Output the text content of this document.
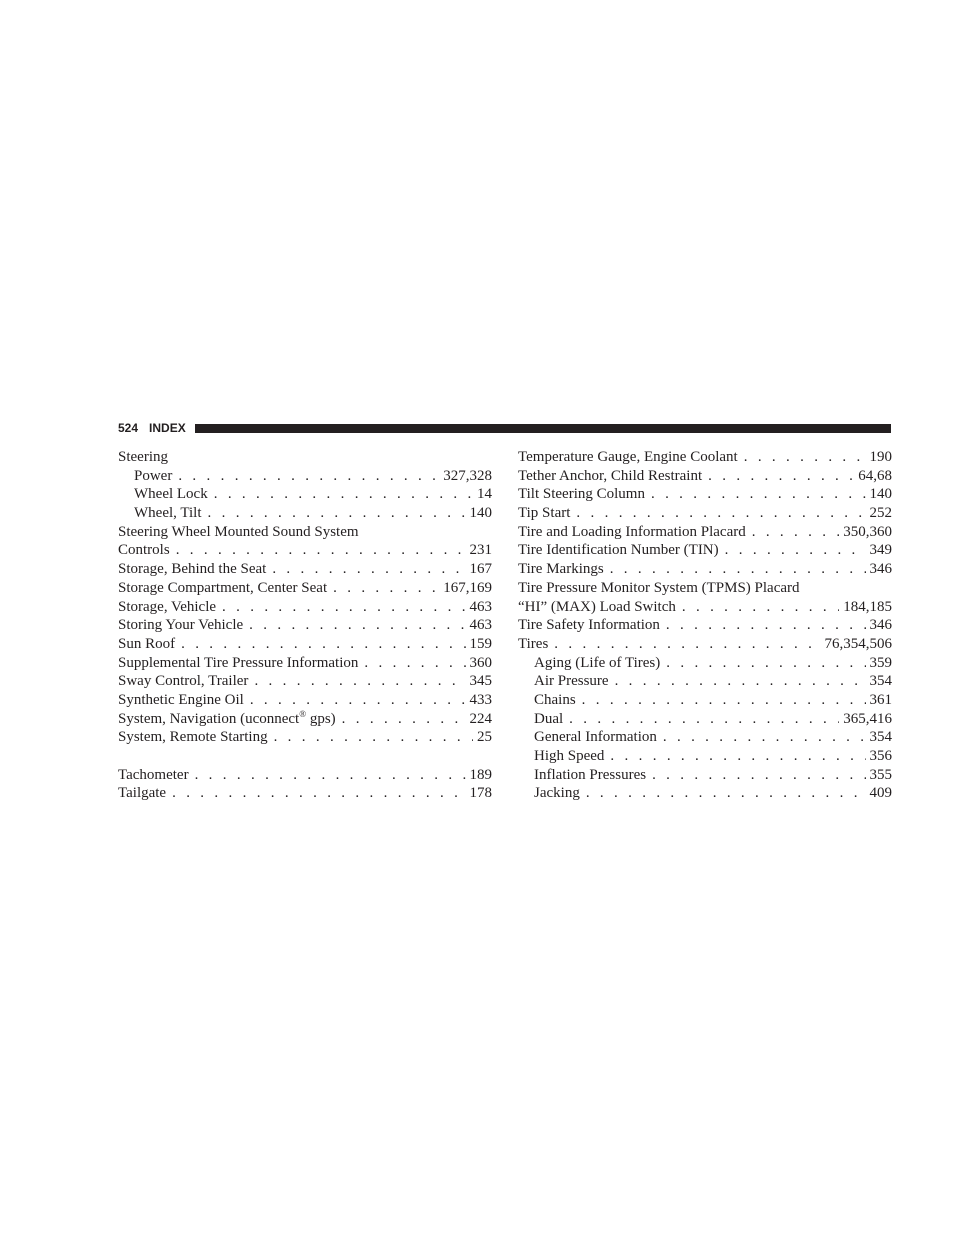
524 INDEX
Steering
Power . . .	327,328
Wheel Lock . . .	14
Wheel, Tilt . . .	140
Steering Wheel Mounted Sound System
Controls . . .	231
Storage, Behind the Seat . . .	167
Storage Compartment, Center Seat . . .	167,169
Storage, Vehicle . . .	463
Storing Your Vehicle . . .	463
Sun Roof . . .	159
Supplemental Tire Pressure Information . . .	360
Sway Control, Trailer . . .	345
Synthetic Engine Oil . . .	433
System, Navigation (uconnect® gps) . . .	224
System, Remote Starting . . .	25
Tachometer . . .	189
Tailgate . . .	178
Temperature Gauge, Engine Coolant . . .	190
Tether Anchor, Child Restraint . . .	64,68
Tilt Steering Column . . .	140
Tip Start . . .	252
Tire and Loading Information Placard . . .	350,360
Tire Identification Number (TIN) . . .	349
Tire Markings . . .	346
Tire Pressure Monitor System (TPMS) Placard
“HI” (MAX) Load Switch . . .	184,185
Tire Safety Information . . .	346
Tires . . .	76,354,506
Aging (Life of Tires) . . .	359
Air Pressure . . .	354
Chains . . .	361
Dual . . .	365,416
General Information . . .	354
High Speed . . .	356
Inflation Pressures . . .	355
Jacking . . .	409
